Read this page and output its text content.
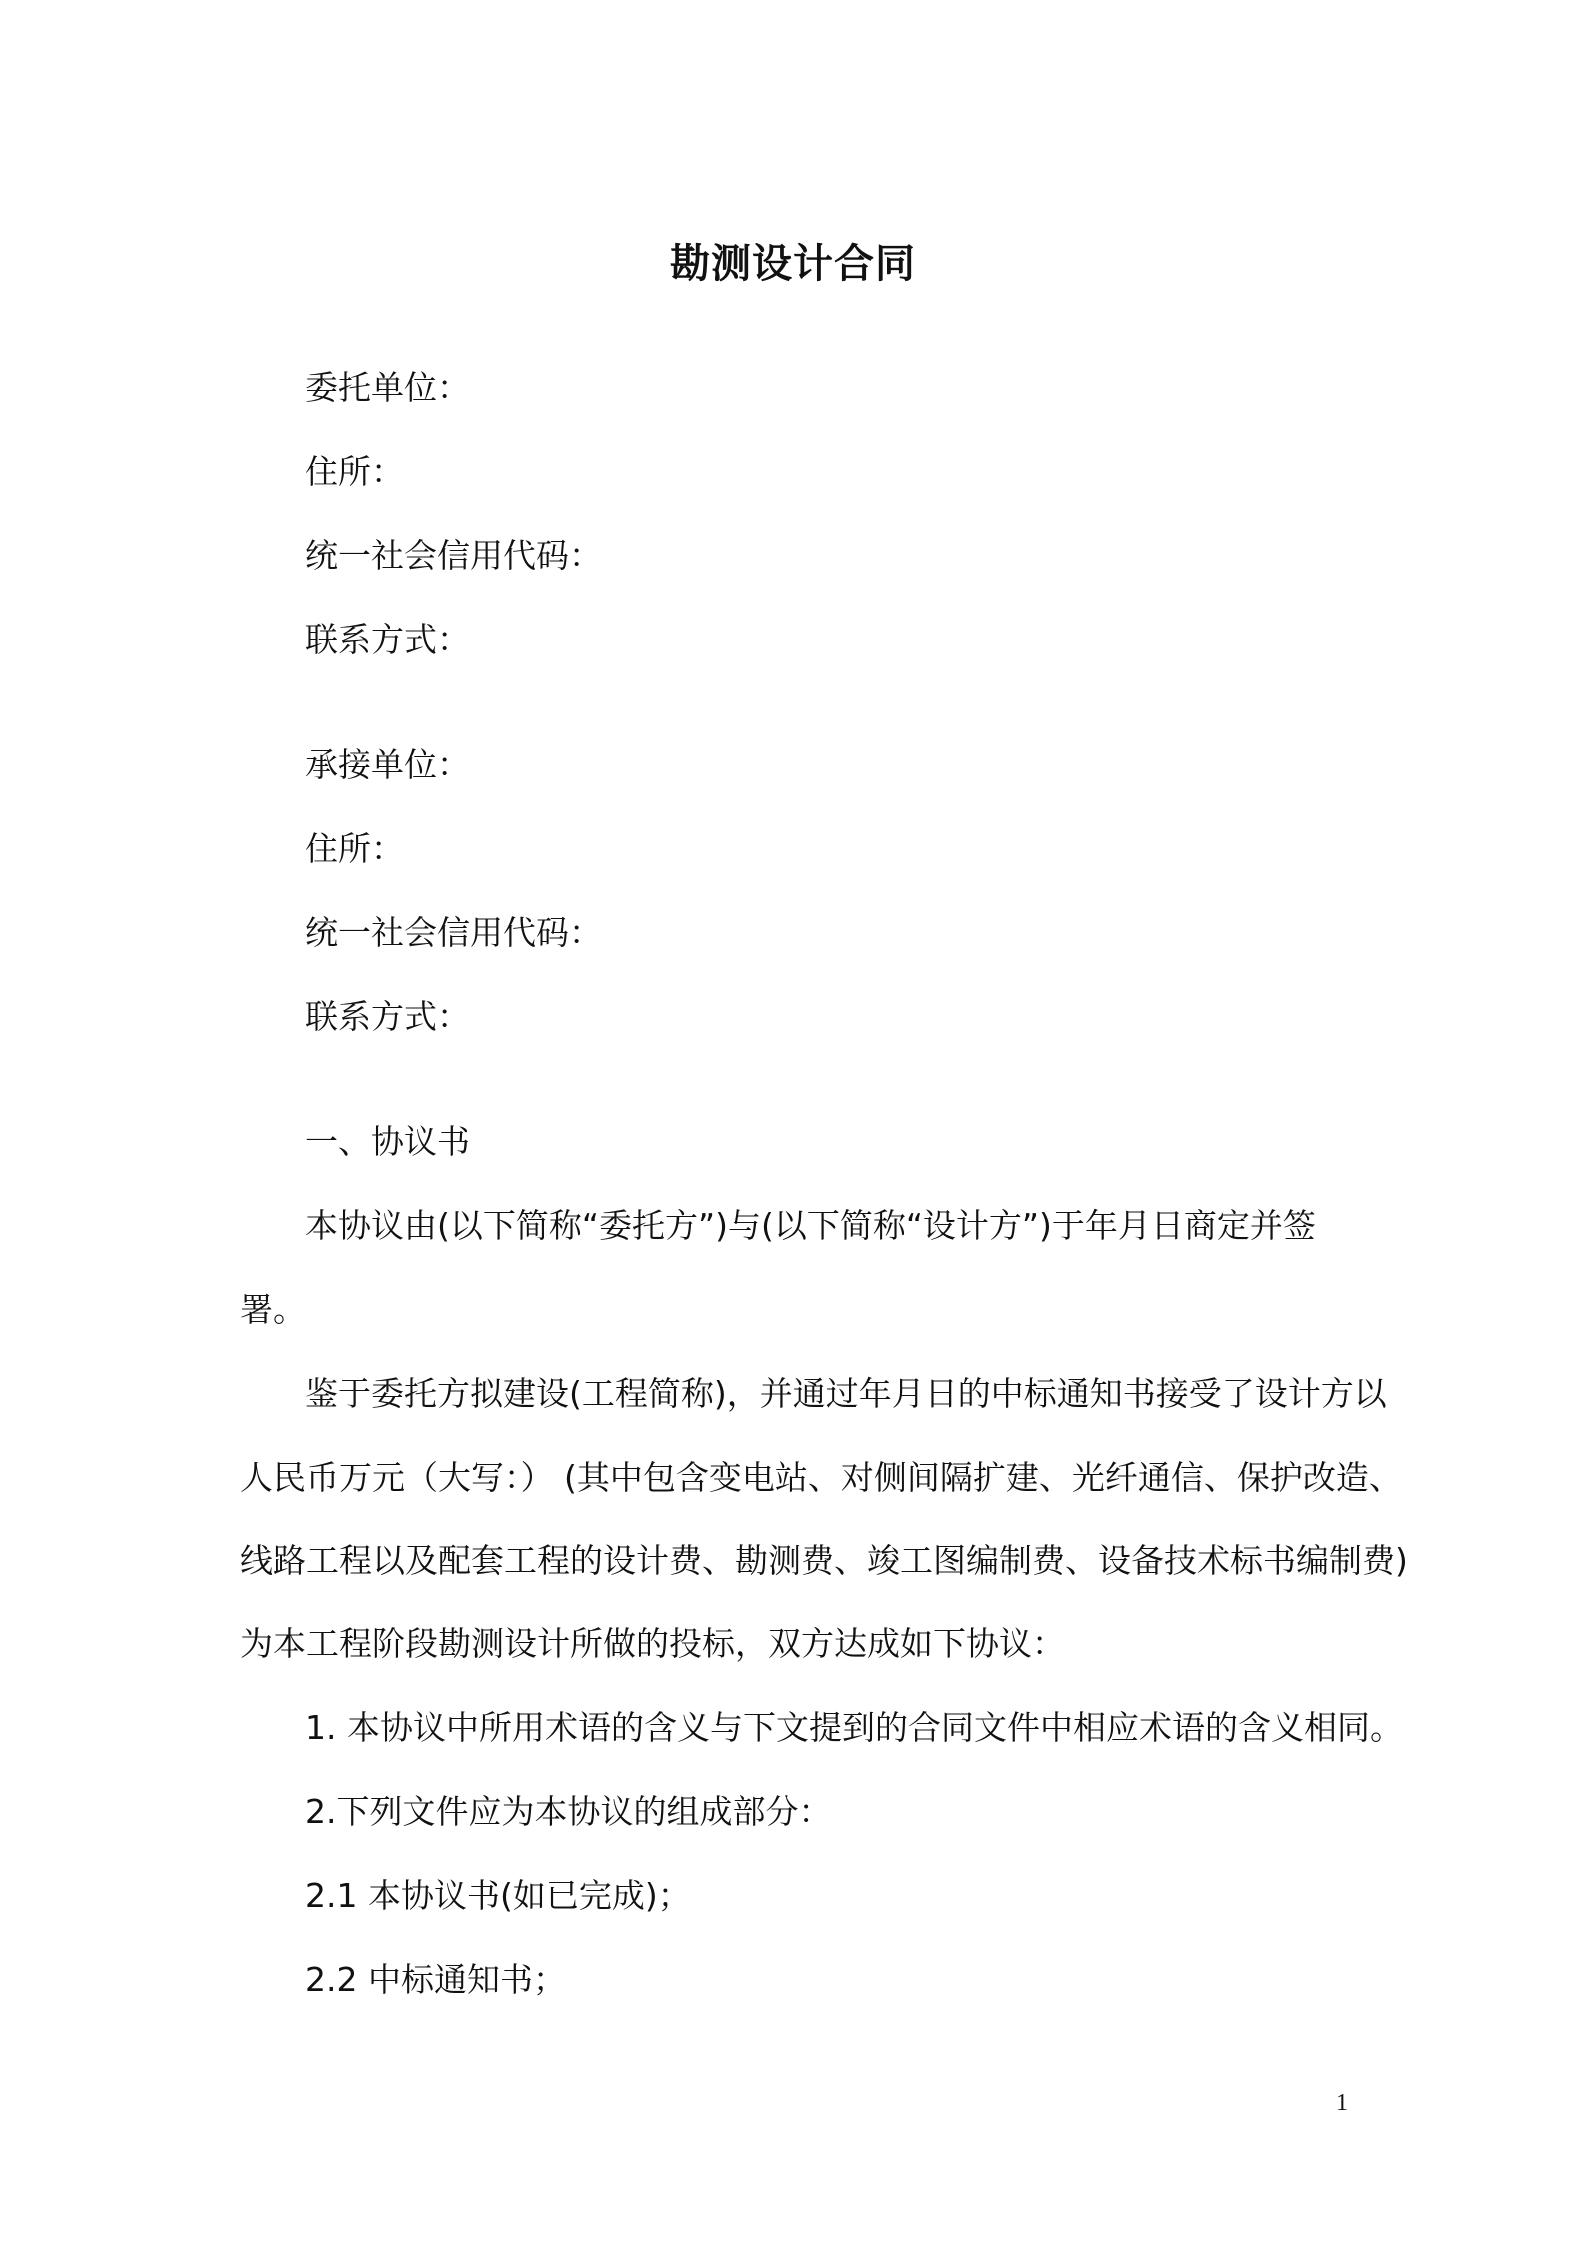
勘测设计合同
委托单位：
住所：
统一社会信用代码：
联系方式：
承接单位：
住所：
统一社会信用代码：
联系方式：
一、协议书
本协议由(以下简称“委托方”)与(以下简称“设计方”)于年月日商定并签
署。
鉴于委托方拟建设(工程简称)，并通过年月日的中标通知书接受了设计方以
人民币万元（大写：） (其中包含变电站、对侧间隔扩建、光纤通信、保护改造、
线路工程以及配套工程的设计费、勘测费、竣工图编制费、设备技术标书编制费)
为本工程阶段勘测设计所做的投标，双方达成如下协议：
1. 本协议中所用术语的含义与下文提到的合同文件中相应术语的含义相同。
2.下列文件应为本协议的组成部分：
2.1 本协议书(如已完成)；
2.2 中标通知书；
1
